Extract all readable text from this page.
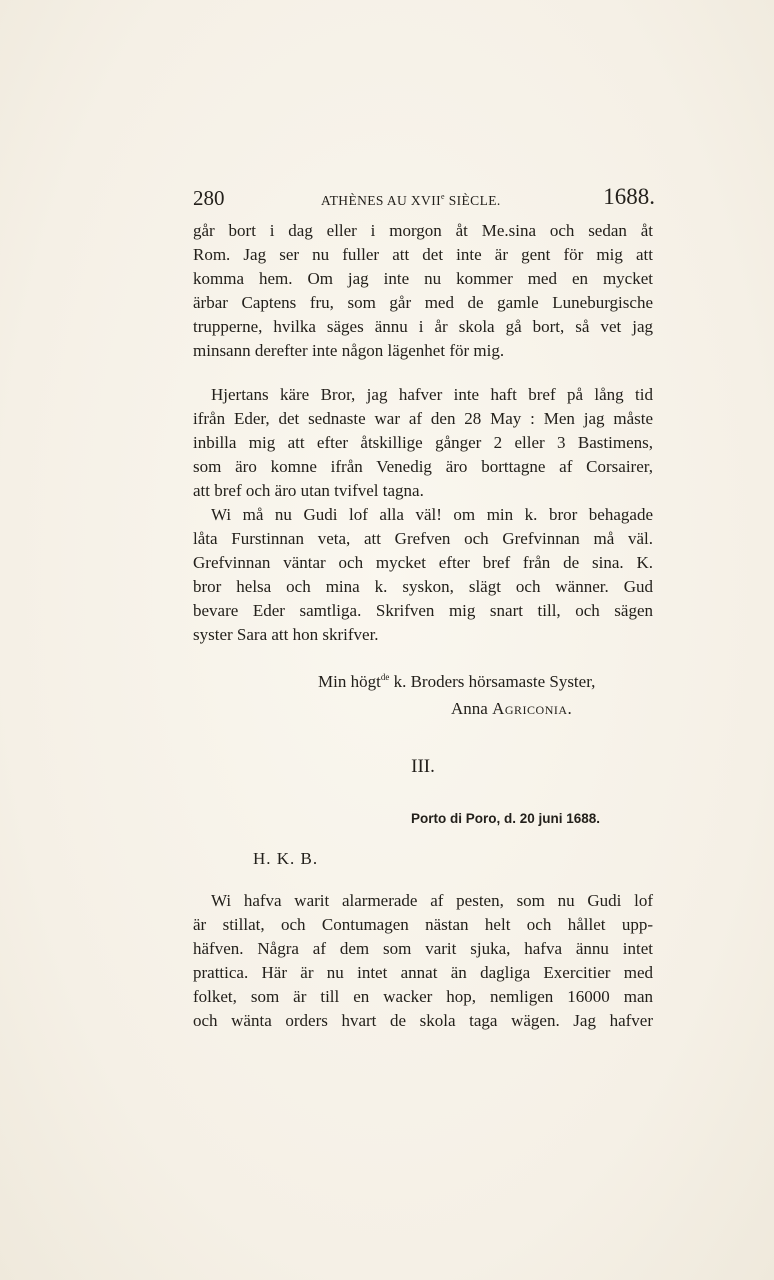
280	ATHÈNES AU XVIIe SIÈCLE.	1688.
går bort i dag eller i morgon åt Me.sina och sedan åt
Rom. Jag ser nu fuller att det inte är gent för mig att
komma hem. Om jag inte nu kommer med en mycket
ärbar Captens fru, som går med de gamle Luneburgische
trupperne, hvilka säges ännu i år skola gå bort, så vet jag
minsann derefter inte någon lägenhet för mig.
Hjertans käre Bror, jag hafver inte haft bref på lång tid
ifrån Eder, det sednaste war af den 28 May : Men jag måste
inbilla mig att efter åtskillige gånger 2 eller 3 Bastimens,
som äro komne ifrån Venedig äro borttagne af Corsairer,
att bref och äro utan tvifvel tagna.
Wi må nu Gudi lof alla väl! om min k. bror behagade
låta Furstinnan veta, att Grefven och Grefvinnan må väl.
Grefvinnan väntar och mycket efter bref från de sina. K.
bror helsa och mina k. syskon, slägt och wänner. Gud
bevare Eder samtliga. Skrifven mig snart till, och sägen
syster Sara att hon skrifver.
Min högt$^{de}$ k. Broders hörsamaste Syster,
Anna Agriconia.
III.
Porto di Poro, d. 20 juni 1688.
H. K. B.
Wi hafva warit alarmerade af pesten, som nu Gudi lof
är stillat, och Contumagen nästan helt och hållet upp-
häfven. Några af dem som varit sjuka, hafva ännu intet
prattica. Här är nu intet annat än dagliga Exercitier med
folket, som är till en wacker hop, nemligen 16000 man
och wänta orders hvart de skola taga wägen. Jag hafver
